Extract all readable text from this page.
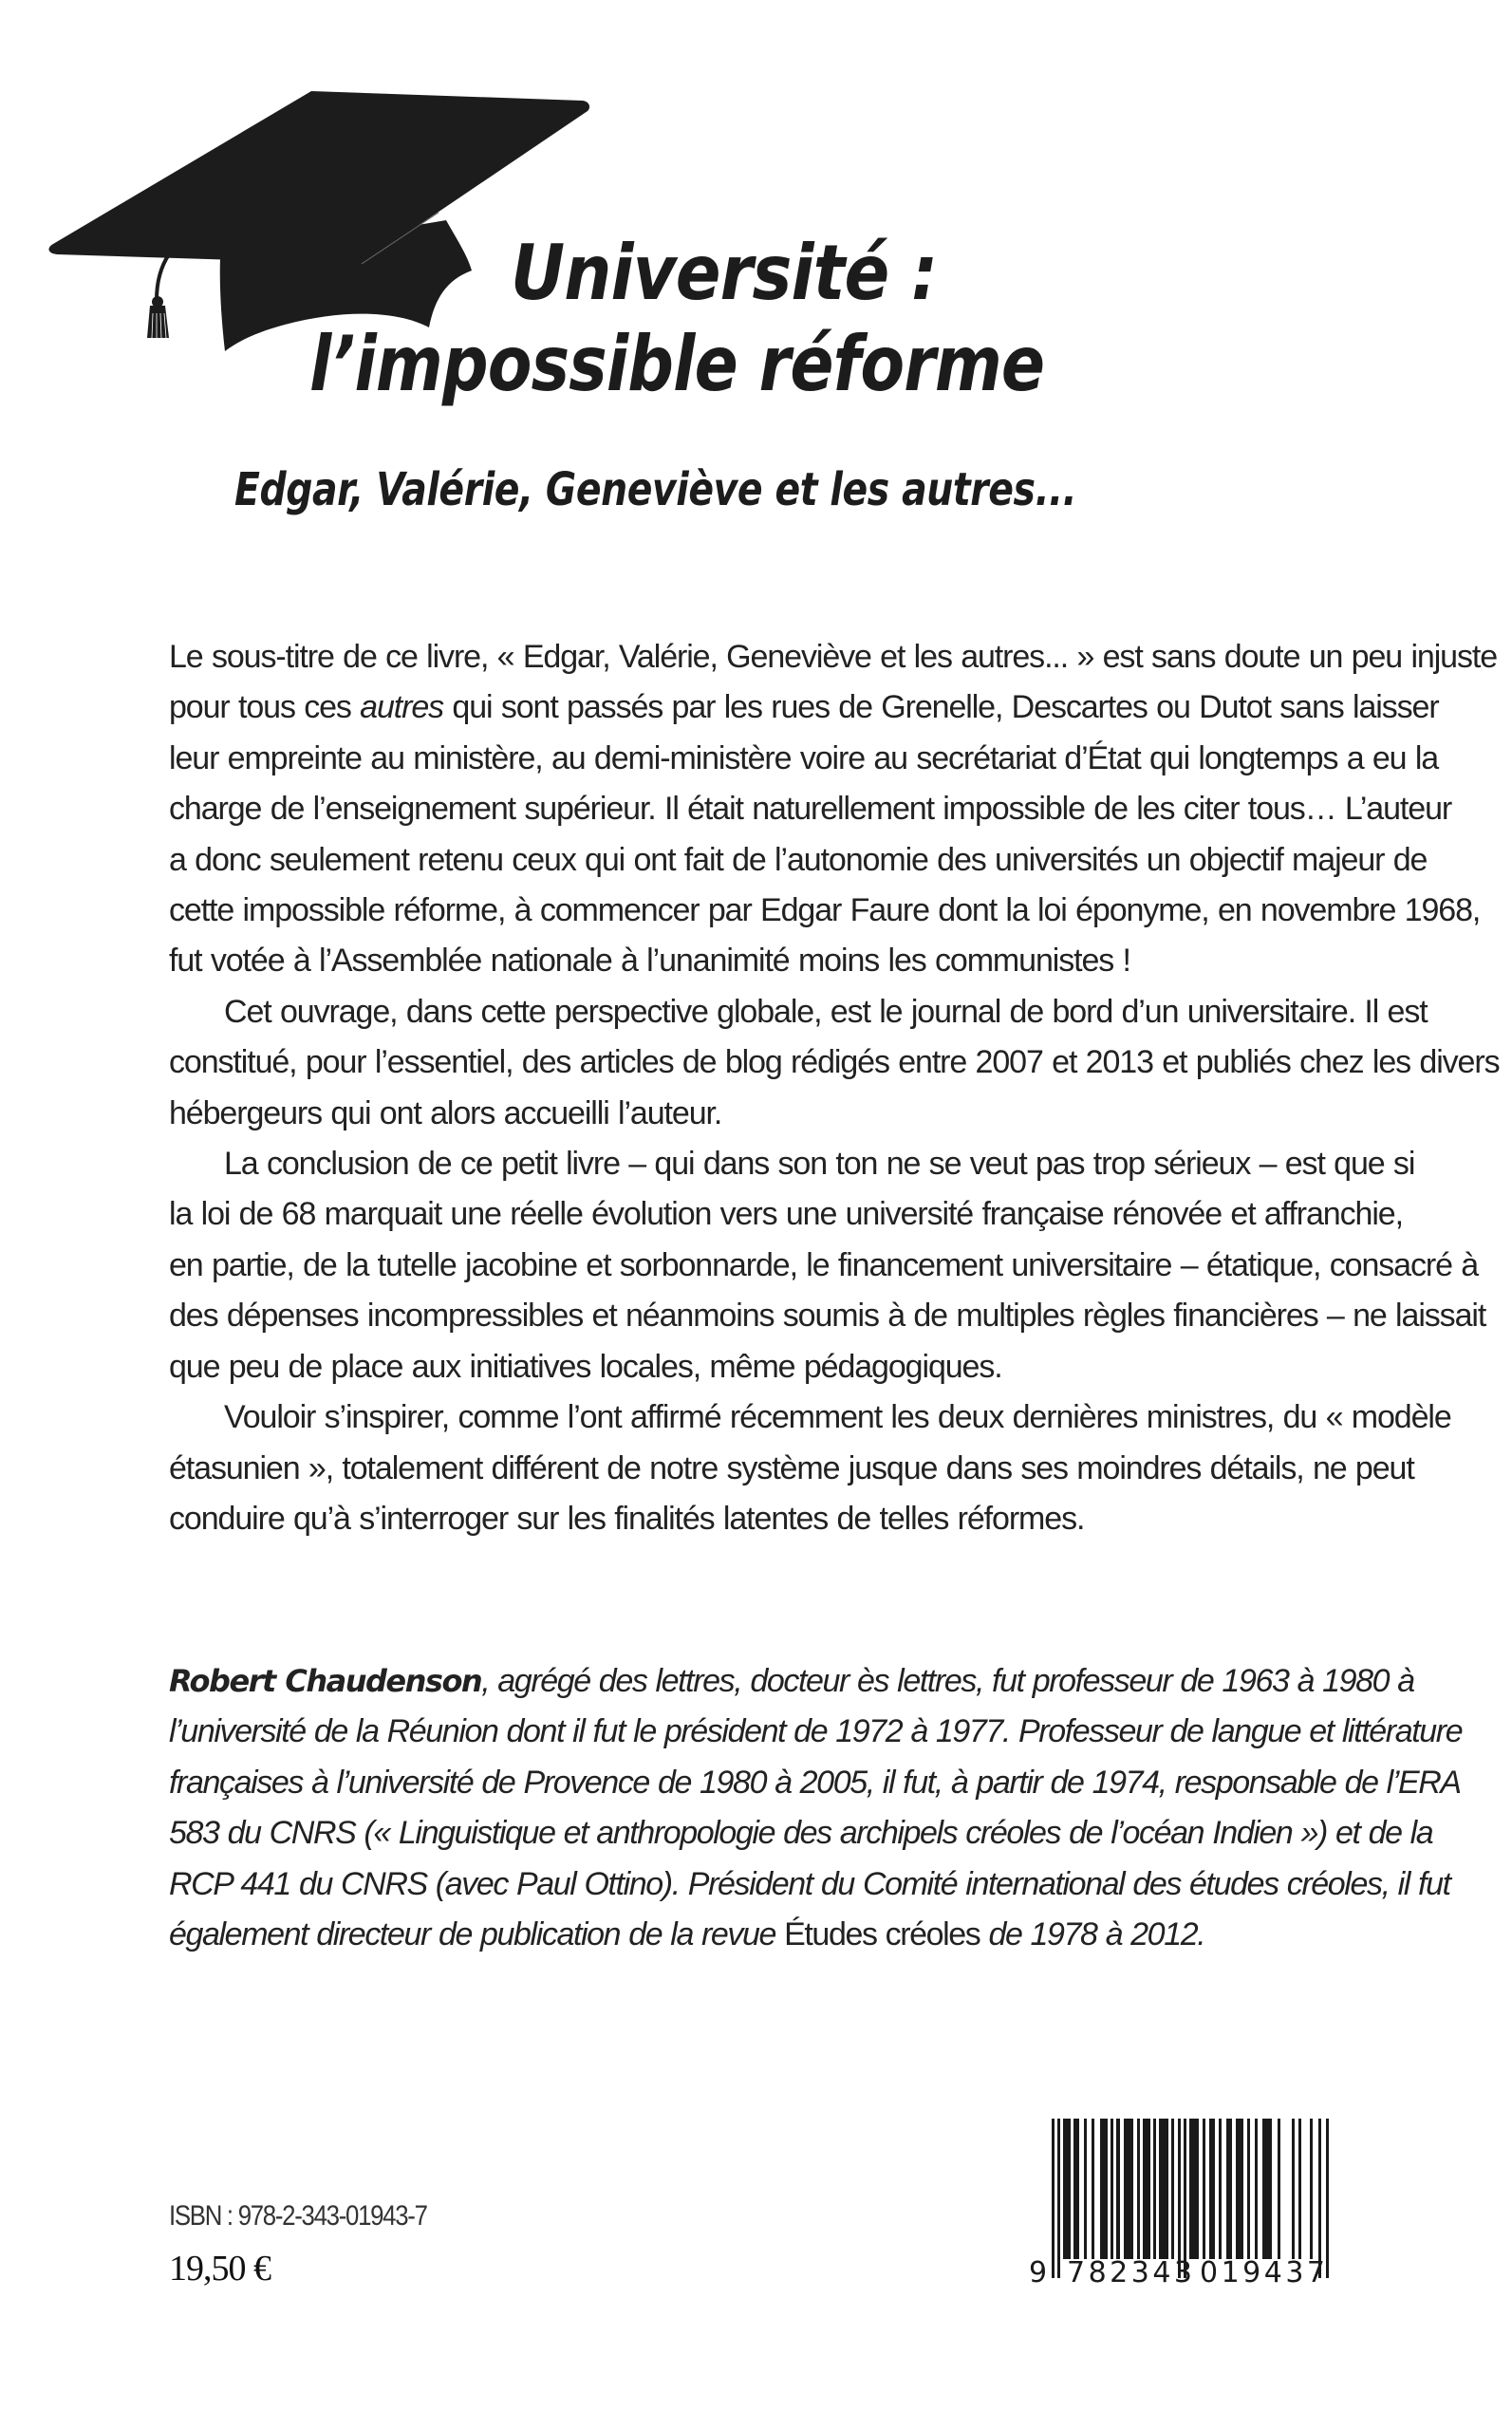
Université :
l’impossible réforme
Edgar, Valérie, Geneviève et les autres...

Le sous-titre de ce livre, « Edgar, Valérie, Geneviève et les autres... » est sans doute un peu injuste
pour tous ces autres qui sont passés par les rues de Grenelle, Descartes ou Dutot sans laisser
leur empreinte au ministère, au demi-ministère voire au secrétariat d’État qui longtemps a eu la
charge de l’enseignement supérieur. Il était naturellement impossible de les citer tous… L’auteur
a donc seulement retenu ceux qui ont fait de l’autonomie des universités un objectif majeur de
cette impossible réforme, à commencer par Edgar Faure dont la loi éponyme, en novembre 1968,
fut votée à l’Assemblée nationale à l’unanimité moins les communistes !

Cet ouvrage, dans cette perspective globale, est le journal de bord d’un universitaire. Il est
constitué, pour l’essentiel, des articles de blog rédigés entre 2007 et 2013 et publiés chez les divers
hébergeurs qui ont alors accueilli l’auteur.

La conclusion de ce petit livre – qui dans son ton ne se veut pas trop sérieux – est que si
la loi de 68 marquait une réelle évolution vers une université française rénovée et affranchie,
en partie, de la tutelle jacobine et sorbonnarde, le financement universitaire – étatique, consacré à
des dépenses incompressibles et néanmoins soumis à de multiples règles financières – ne laissait
que peu de place aux initiatives locales, même pédagogiques.

Vouloir s’inspirer, comme l’ont affirmé récemment les deux dernières ministres, du « modèle
étasunien », totalement différent de notre système jusque dans ses moindres détails, ne peut
conduire qu’à s’interroger sur les finalités latentes de telles réformes.

Robert Chaudenson, agrégé des lettres, docteur ès lettres, fut professeur de 1963 à 1980 à
l’université de la Réunion dont il fut le président de 1972 à 1977. Professeur de langue et littérature
françaises à l’université de Provence de 1980 à 2005, il fut, à partir de 1974, responsable de l’ERA
583 du CNRS (« Linguistique et anthropologie des archipels créoles de l’océan Indien ») et de la
RCP 441 du CNRS (avec Paul Ottino). Président du Comité international des études créoles, il fut
également directeur de publication de la revue Études créoles de 1978 à 2012.
ISBN : 978-2-343-01943-7
19,50 €	9 782343 019437
